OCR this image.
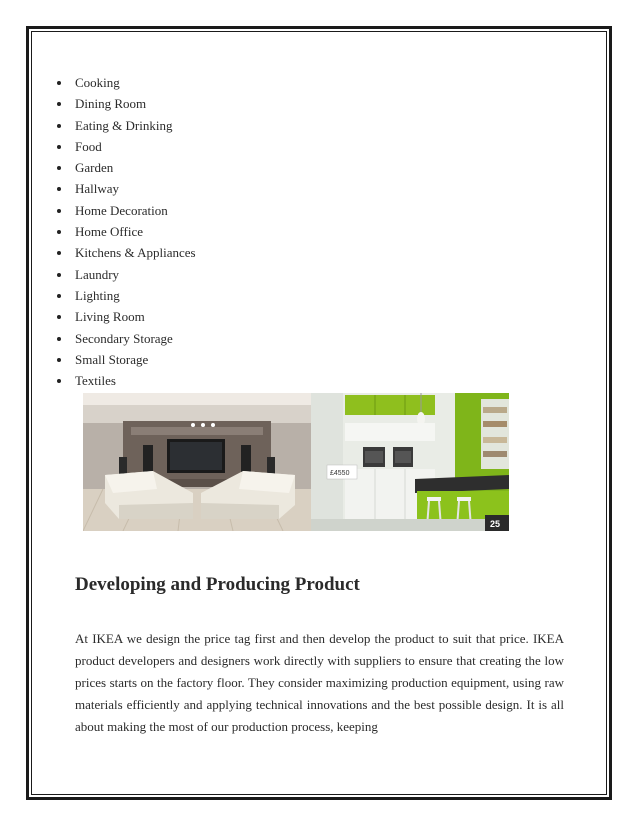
Cooking
Dining Room
Eating & Drinking
Food
Garden
Hallway
Home Decoration
Home Office
Kitchens & Appliances
Laundry
Lighting
Living Room
Secondary Storage
Small Storage
Textiles
£4550
25
Developing and Producing Product

At IKEA we design the price tag first and then develop the product to suit that price. IKEA product developers and designers work directly with suppliers to ensure that creating the low prices starts on the factory floor. They consider maximizing production equipment, using raw materials efficiently and applying technical innovations and the best possible design. It is all about making the most of our production process, keeping
